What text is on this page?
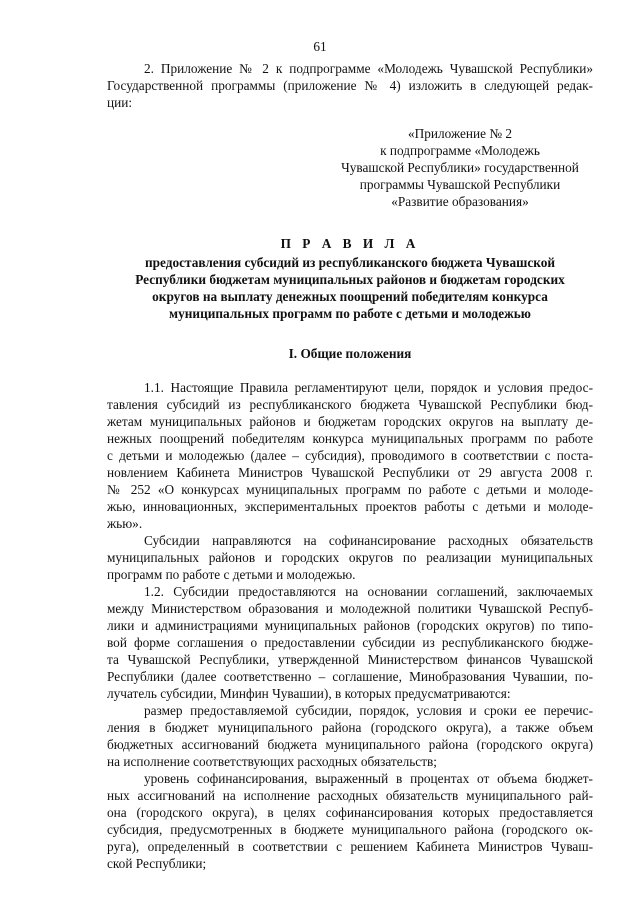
61

2. Приложение № 2 к подпрограмме «Молодежь Чувашской Республики»

Государственной программы (приложение № 4) изложить в следующей редак-

ции:

«Приложение № 2
к подпрограмме «Молодежь
Чувашской Республики» государственной
программы Чувашской Республики
«Развитие образования»
П Р А В И Л А
предоставления субсидий из республиканского бюджета Чувашской
Республики бюджетам муниципальных районов и бюджетам городских
округов на выплату денежных поощрений победителям конкурса
муниципальных программ по работе с детьми и молодежью
I. Общие положения

1.1. Настоящие Правила регламентируют цели, порядок и условия предос-

тавления субсидий из республиканского бюджета Чувашской Республики бюд-

жетам муниципальных районов и бюджетам городских округов на выплату де-

нежных поощрений победителям конкурса муниципальных программ по работе

с детьми и молодежью (далее – субсидия), проводимого в соответствии с поста-

новлением Кабинета Министров Чувашской Республики от 29 августа 2008 г.

№ 252 «О конкурсах муниципальных программ по работе с детьми и молоде-

жью, инновационных, экспериментальных проектов работы с детьми и молоде-

жью».

Субсидии направляются на софинансирование расходных обязательств

муниципальных районов и городских округов по реализации муниципальных

программ по работе с детьми и молодежью.

1.2. Субсидии предоставляются на основании соглашений, заключаемых

между Министерством образования и молодежной политики Чувашской Респуб-

лики и администрациями муниципальных районов (городских округов) по типо-

вой форме соглашения о предоставлении субсидии из республиканского бюдже-

та Чувашской Республики, утвержденной Министерством финансов Чувашской

Республики (далее соответственно – соглашение, Минобразования Чувашии, по-

лучатель субсидии, Минфин Чувашии), в которых предусматриваются:

размер предоставляемой субсидии, порядок, условия и сроки ее перечис-

ления в бюджет муниципального района (городского округа), а также объем

бюджетных ассигнований бюджета муниципального района (городского округа)

на исполнение соответствующих расходных обязательств;

уровень софинансирования, выраженный в процентах от объема бюджет-

ных ассигнований на исполнение расходных обязательств муниципального рай-

она (городского округа), в целях софинансирования которых предоставляется

субсидия, предусмотренных в бюджете муниципального района (городского ок-

руга), определенный в соответствии с решением Кабинета Министров Чуваш-

ской Республики;
